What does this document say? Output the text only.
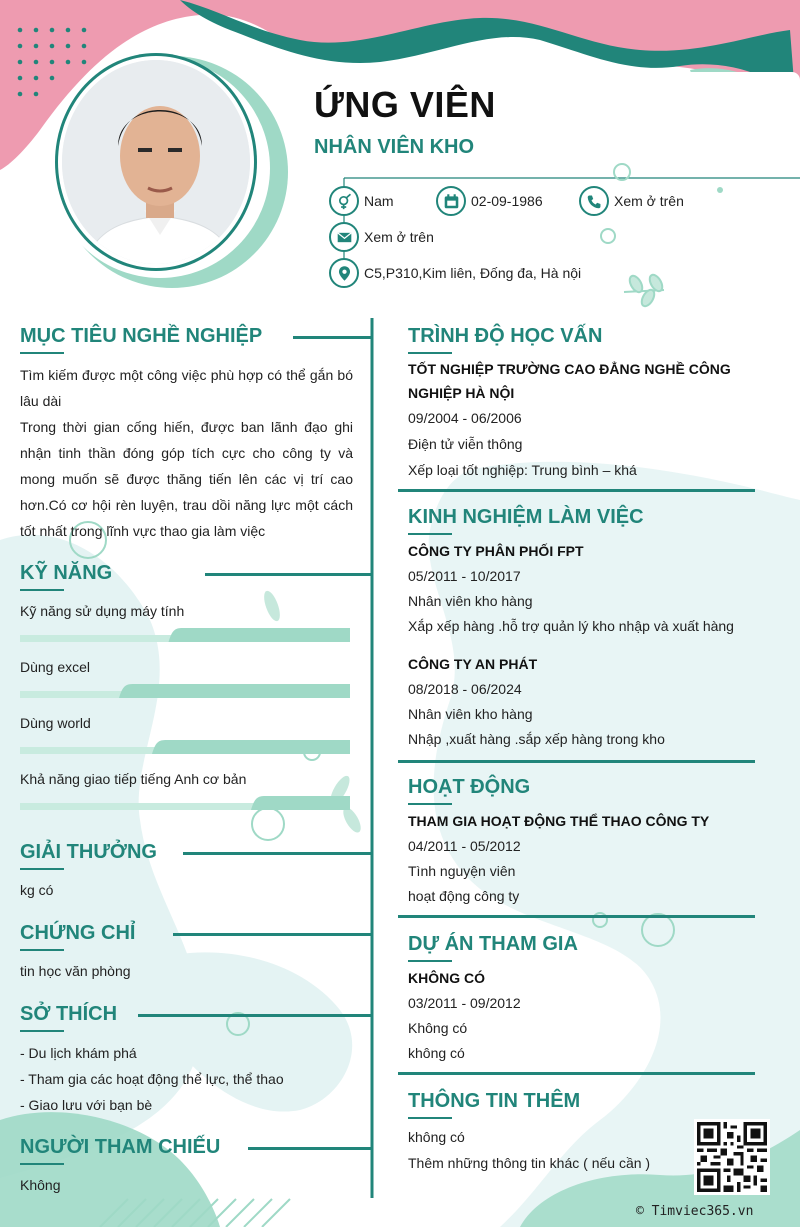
ỨNG VIÊN
NHÂN VIÊN KHO
Nam	02-09-1986	Xem ở trên
Xem ở trên
C5,P310,Kim liên, Đống đa, Hà nội
MỤC TIÊU NGHỀ NGHIỆP
Tìm kiếm được một công việc phù hợp có thể gắn bó lâu dài
Trong thời gian cống hiến, được ban lãnh đạo ghi nhận tinh thần đóng góp tích cực cho công ty và mong muốn sẽ được thăng tiến lên các vị trí cao hơn.Có cơ hội rèn luyện, trau dồi năng lực một cách tốt nhất trong lĩnh vực thao gia làm việc
KỸ NĂNG
Kỹ năng sử dụng máy tính
Dùng excel
Dùng world
Khả năng giao tiếp tiếng Anh cơ bản
GIẢI THƯỞNG
kg có
CHỨNG CHỈ
tin học văn phòng
SỞ THÍCH
- Du lịch khám phá
- Tham gia các hoạt động thể lực, thể thao
- Giao lưu với bạn bè
NGƯỜI THAM CHIẾU
Không
TRÌNH ĐỘ HỌC VẤN
TỐT NGHIỆP TRƯỜNG CAO ĐẲNG NGHỀ CÔNG NGHIỆP HÀ NỘI
09/2004 - 06/2006
Điện tử viễn thông
Xếp loại tốt nghiệp: Trung bình – khá
KINH NGHIỆM LÀM VIỆC
CÔNG TY PHÂN PHỐI FPT
05/2011 - 10/2017
Nhân viên kho hàng
Xắp xếp hàng .hỗ trợ quản lý kho nhập và xuất hàng
CÔNG TY AN PHÁT
08/2018 - 06/2024
Nhân viên kho hàng
Nhập ,xuất hàng .sắp xếp hàng trong kho
HOẠT ĐỘNG
THAM GIA HOẠT ĐỘNG THỂ THAO CÔNG TY
04/2011 - 05/2012
Tình nguyện viên
hoạt động công ty
DỰ ÁN THAM GIA
KHÔNG CÓ
03/2011 - 09/2012
Không có
không có
THÔNG TIN THÊM
không có
Thêm những thông tin khác ( nếu cần )
© Timviec365.vn
